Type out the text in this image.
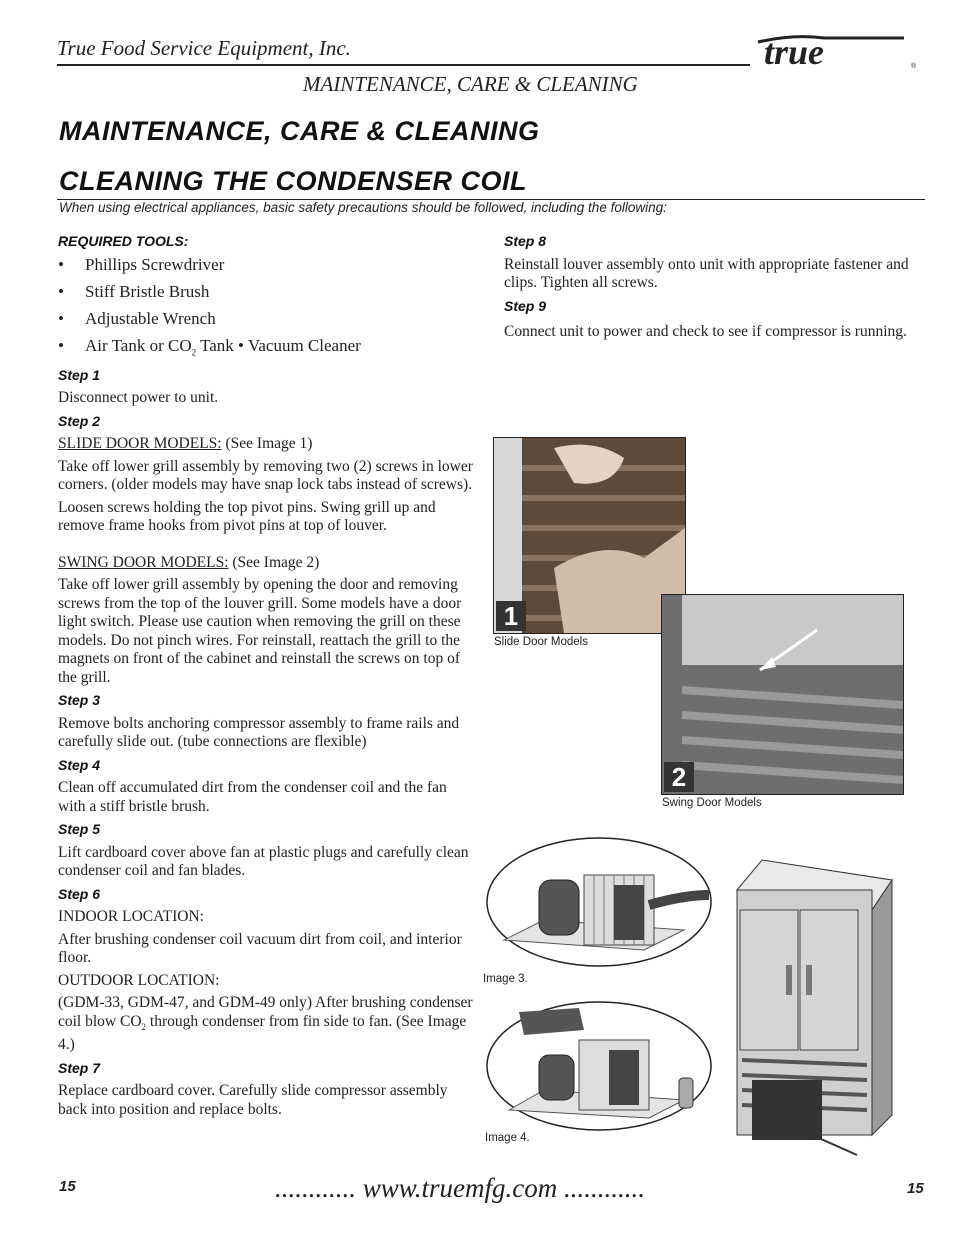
True Food Service Equipment, Inc.	true	®
MAINTENANCE, CARE & CLEANING
MAINTENANCE, CARE & CLEANING
CLEANING THE CONDENSER COIL
When using electrical appliances, basic safety precautions should be followed, including the following:
REQUIRED TOOLS:
• Phillips Screwdriver
• Stiff Bristle Brush
• Adjustable Wrench
• Air Tank or $CO_2$ Tank • Vacuum Cleaner
Step 1

Disconnect power to unit.

Step 2

SLIDE DOOR MODELS: (See Image 1)

Take off lower grill assembly by removing two (2) screws in lower corners. (older models may have snap lock tabs instead of screws).

Loosen screws holding the top pivot pins. Swing grill up and remove frame hooks from pivot pins at top of louver.

SWING DOOR MODELS: (See Image 2)

Take off lower grill assembly by opening the door and removing screws from the top of the louver grill. Some models have a door light switch. Please use caution when removing the grill on these models. Do not pinch wires. For reinstall, reattach the grill to the magnets on front of the cabinet and reinstall the screws on top of the grill.

Step 3

Remove bolts anchoring compressor assembly to frame rails and carefully slide out. (tube connections are flexible)

Step 4

Clean off accumulated dirt from the condenser coil and the fan with a stiff bristle brush.

Step 5

Lift cardboard cover above fan at plastic plugs and carefully clean condenser coil and fan blades.

Step 6

INDOOR LOCATION:

After brushing condenser coil vacuum dirt from coil, and interior floor.

OUTDOOR LOCATION:

(GDM-33, GDM-47, and GDM-49 only) After brushing condenser coil blow $CO_2$ through condenser from fin side to fan. (See Image 4.)

Step 7

Replace cardboard cover. Carefully slide compressor assembly back into position and replace bolts.

Step 8

Reinstall louver assembly onto unit with appropriate fastener and clips. Tighten all screws.

Step 9

Connect unit to power and check to see if compressor is running.

1
Slide Door Models
2
Swing Door Models
Image 3.
Image 4.
15	............ www.truemfg.com ............	15
